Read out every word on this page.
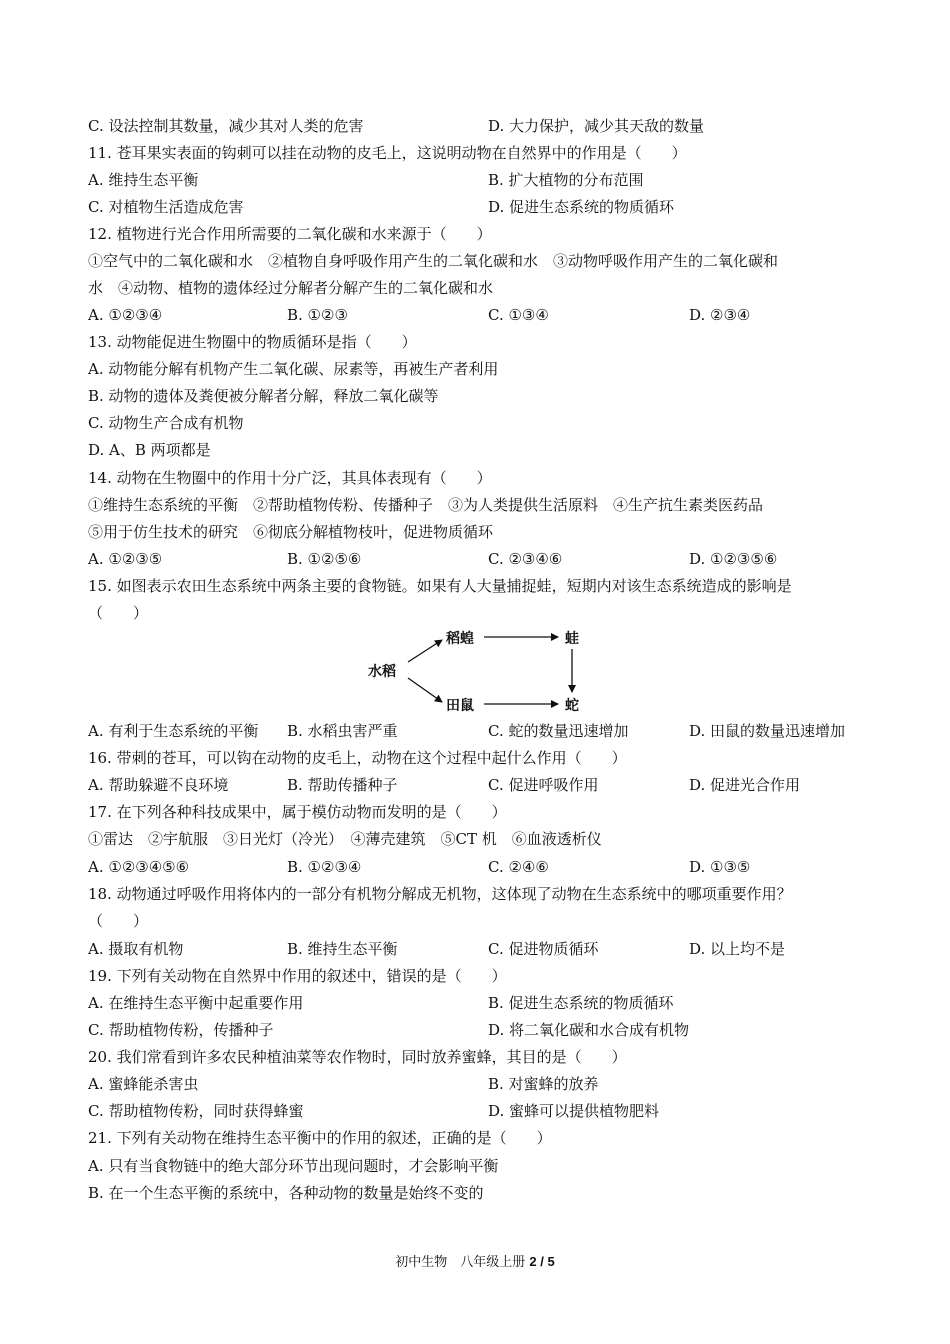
C. 设法控制其数量，减少其对人类的危害	D. 大力保护，减少其天敌的数量
11. 苍耳果实表面的钩刺可以挂在动物的皮毛上，这说明动物在自然界中的作用是（　　）
A. 维持生态平衡	B. 扩大植物的分布范围
C. 对植物生活造成危害	D. 促进生态系统的物质循环
12. 植物进行光合作用所需要的二氧化碳和水来源于（　　）
①空气中的二氧化碳和水　②植物自身呼吸作用产生的二氧化碳和水　③动物呼吸作用产生的二氧化碳和
水　④动物、植物的遗体经过分解者分解产生的二氧化碳和水
A. ①②③④	B. ①②③	C. ①③④	D. ②③④
13. 动物能促进生物圈中的物质循环是指（　　）
A. 动物能分解有机物产生二氧化碳、尿素等，再被生产者利用
B. 动物的遗体及粪便被分解者分解，释放二氧化碳等
C. 动物生产合成有机物
D. A、B 两项都是
14. 动物在生物圈中的作用十分广泛，其具体表现有（　　）
①维持生态系统的平衡　②帮助植物传粉、传播种子　③为人类提供生活原料　④生产抗生素类医药品
⑤用于仿生技术的研究　⑥彻底分解植物枝叶，促进物质循环
A. ①②③⑤	B. ①②⑤⑥	C. ②③④⑥	D. ①②③⑤⑥
15. 如图表示农田生态系统中两条主要的食物链。如果有人大量捕捉蛙，短期内对该生态系统造成的影响是
（　　）
水稻
稻蝗	蛙
田鼠	蛇
A. 有利于生态系统的平衡 B. 水稻虫害严重	C. 蛇的数量迅速增加	D. 田鼠的数量迅速增加
16. 带刺的苍耳，可以钩在动物的皮毛上，动物在这个过程中起什么作用（　　）
A. 帮助躲避不良环境	B. 帮助传播种子	C. 促进呼吸作用	D. 促进光合作用
17. 在下列各种科技成果中，属于模仿动物而发明的是（　　）
①雷达　②宇航服　③日光灯（冷光）　④薄壳建筑　⑤CT 机　⑥血液透析仪
A. ①②③④⑤⑥	B. ①②③④	C. ②④⑥	D. ①③⑤
18. 动物通过呼吸作用将体内的一部分有机物分解成无机物，这体现了动物在生态系统中的哪项重要作用？
（　　）
A. 摄取有机物	B. 维持生态平衡	C. 促进物质循环	D. 以上均不是
19. 下列有关动物在自然界中作用的叙述中，错误的是（　　）
A. 在维持生态平衡中起重要作用	B. 促进生态系统的物质循环
C. 帮助植物传粉，传播种子	D. 将二氧化碳和水合成有机物
20. 我们常看到许多农民种植油菜等农作物时，同时放养蜜蜂，其目的是（　　）
A. 蜜蜂能杀害虫	B. 对蜜蜂的放养
C. 帮助植物传粉，同时获得蜂蜜	D. 蜜蜂可以提供植物肥料
21. 下列有关动物在维持生态平衡中的作用的叙述，正确的是（　　）
A. 只有当食物链中的绝大部分环节出现问题时，才会影响平衡
B. 在一个生态平衡的系统中，各种动物的数量是始终不变的
初中生物　八年级上册 2 / 5
